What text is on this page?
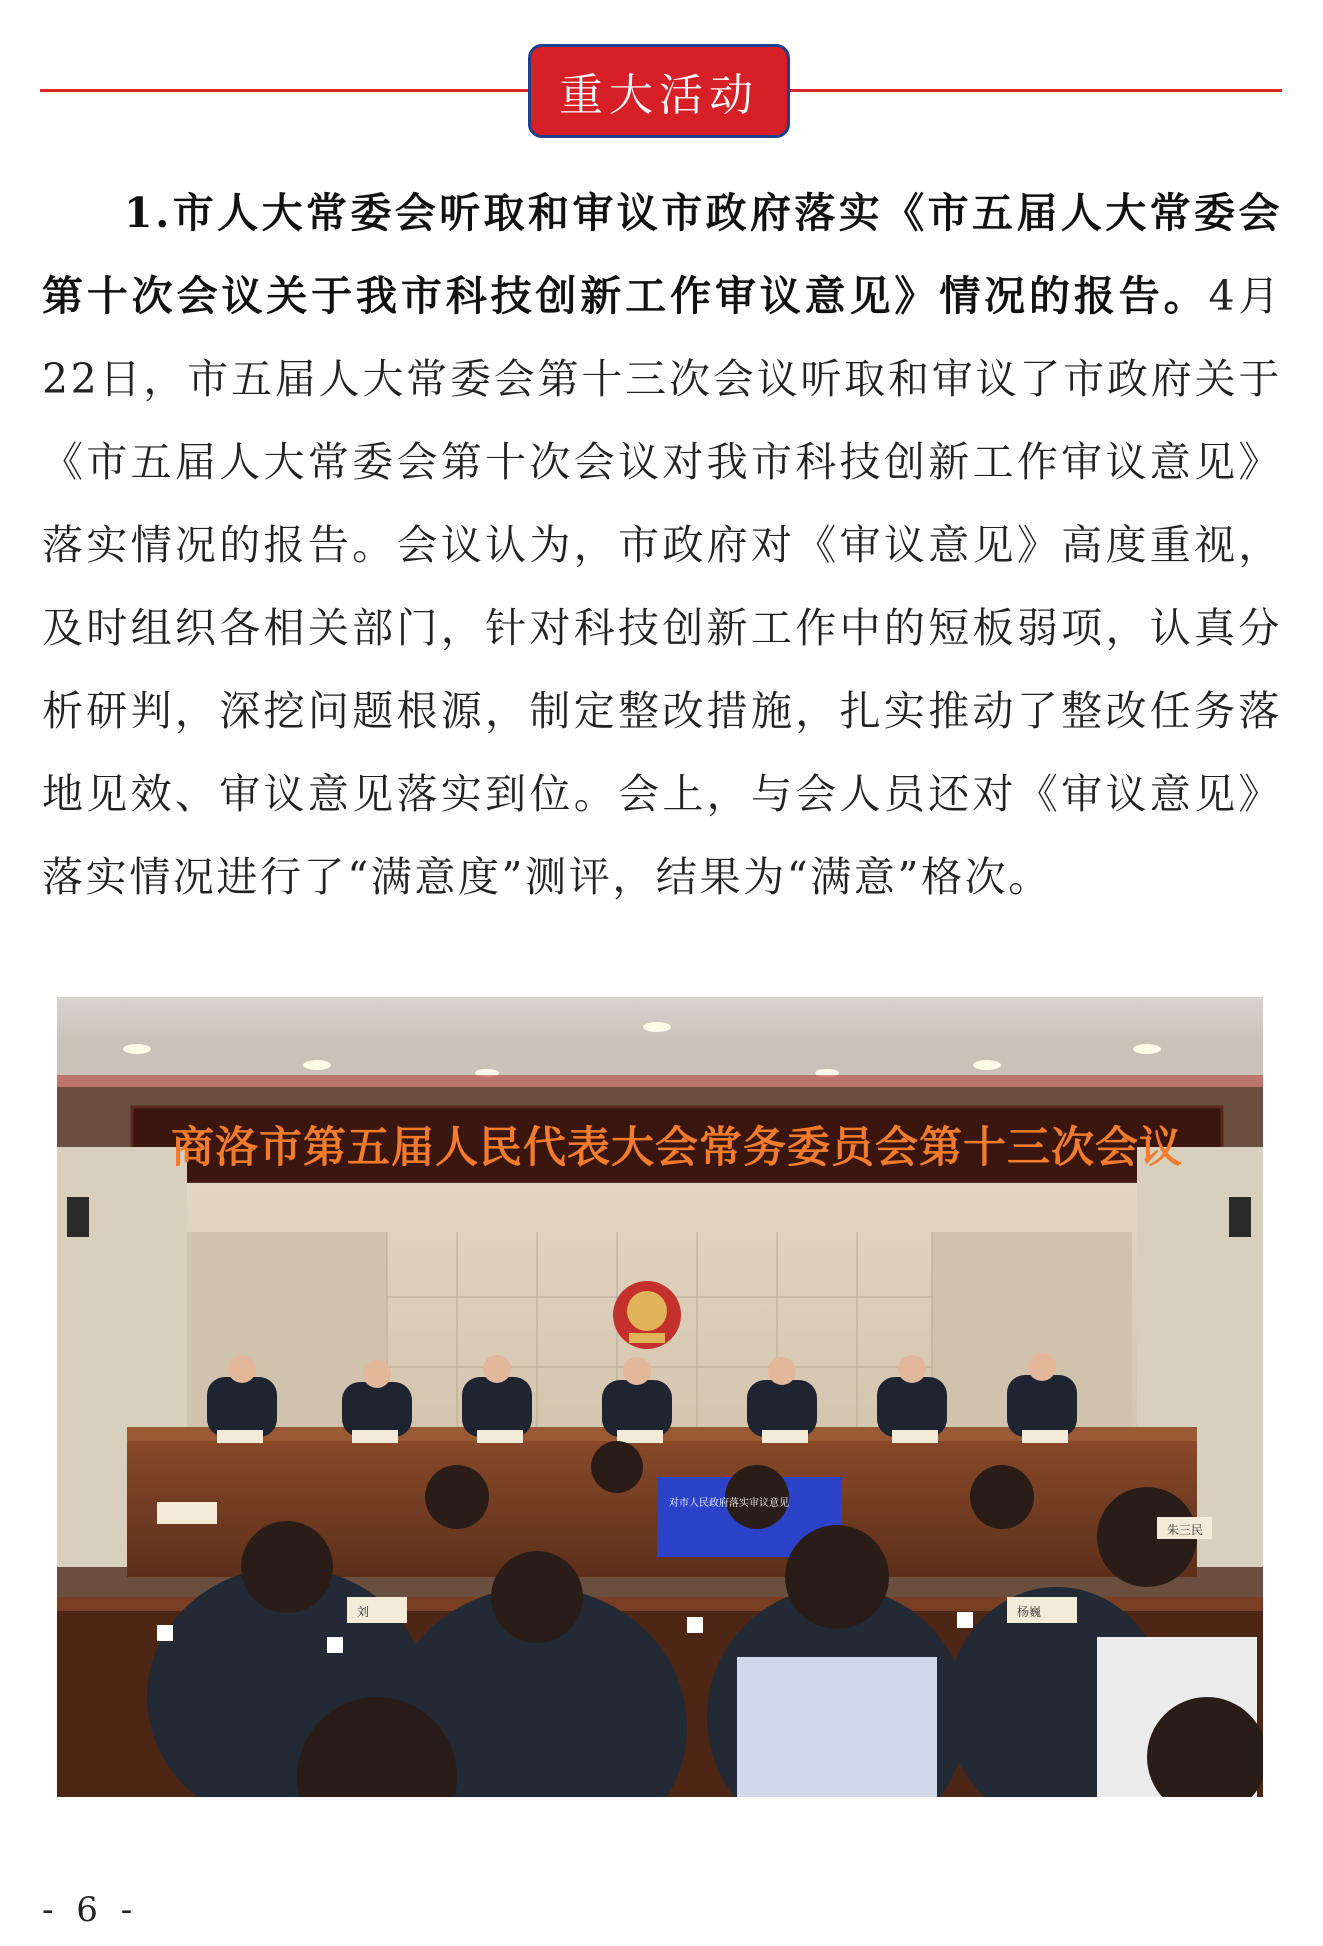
重大活动

1.市人大常委会听取和审议市政府落实《市五届人大常委会第十次会议关于我市科技创新工作审议意见》情况的报告。4月22日，市五届人大常委会第十三次会议听取和审议了市政府关于《市五届人大常委会第十次会议对我市科技创新工作审议意见》落实情况的报告。会议认为，市政府对《审议意见》高度重视，及时组织各相关部门，针对科技创新工作中的短板弱项，认真分析研判，深挖问题根源，制定整改措施，扎实推动了整改任务落地见效、审议意见落实到位。会上，与会人员还对《审议意见》落实情况进行了“满意度”测评，结果为“满意”格次。

商洛市第五届人民代表大会常务委员会第十三次会议
对市人民政府落实审议意见
朱三民
杨巍
刘
- 6 -
